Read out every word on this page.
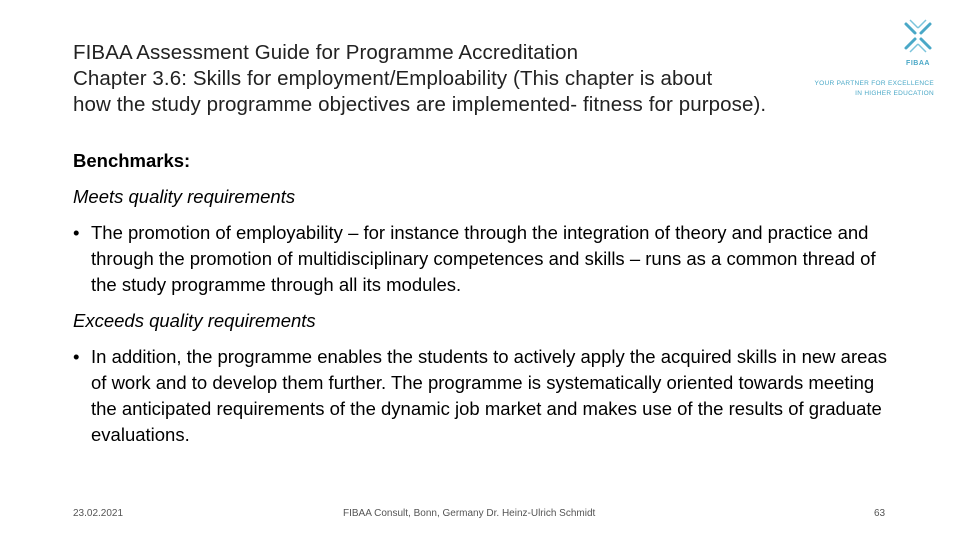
FIBAA Assessment Guide for Programme Accreditation
Chapter 3.6: Skills for employment/Emploability (This chapter is about
how the study programme objectives are implemented- fitness for purpose).
FIBAA
YOUR PARTNER FOR EXCELLENCE
IN HIGHER EDUCATION
Benchmarks:
Meets quality requirements
• The promotion of employability – for instance through the integration of theory and practice and through the promotion of multidisciplinary competences and skills – runs as a common thread of the study programme through all its modules.
Exceeds quality requirements
• In addition, the programme enables the students to actively apply the acquired skills in new areas of work and to develop them further. The programme is systematically oriented towards meeting the anticipated requirements of the dynamic job market and makes use of the results of graduate evaluations.
23.02.2021	FIBAA Consult, Bonn, Germany Dr. Heinz-Ulrich Schmidt	63
